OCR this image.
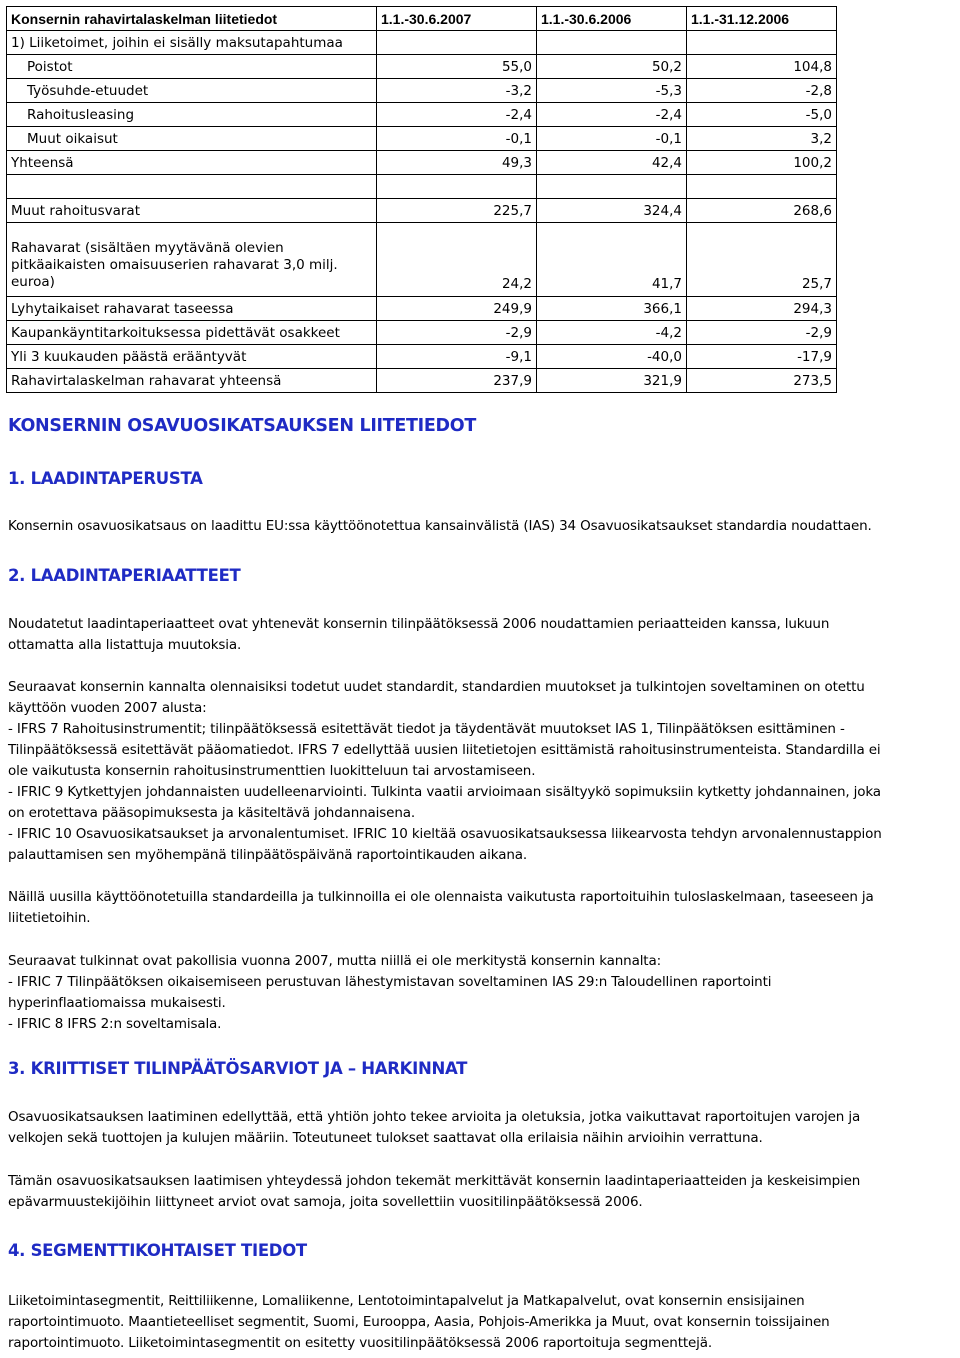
Konsernin rahavirtalaskelman liitetiedot	1.1.-30.6.2007	1.1.-30.6.2006	1.1.-31.12.2006
1) Liiketoimet, joihin ei sisälly maksutapahtumaa			
Poistot	55,0	50,2	104,8
Työsuhde-etuudet	-3,2	-5,3	-2,8
Rahoitusleasing	-2,4	-2,4	-5,0
Muut oikaisut	-0,1	-0,1	3,2
Yhteensä	49,3	42,4	100,2

Muut rahoitusvarat	225,7	324,4	268,6
Rahavarat (sisältäen myytävänä olevien pitkäaikaisten omaisuuserien rahavarat 3,0 milj. euroa)	24,2	41,7	25,7
Lyhytaikaiset rahavarat taseessa	249,9	366,1	294,3
Kaupankäyntitarkoituksessa pidettävät osakkeet	-2,9	-4,2	-2,9
Yli 3 kuukauden päästä erääntyvät	-9,1	-40,0	-17,9
Rahavirtalaskelman rahavarat yhteensä	237,9	321,9	273,5
KONSERNIN OSAVUOSIKATSAUKSEN LIITETIEDOT
1. LAADINTAPERUSTA

Konsernin osavuosikatsaus on laadittu EU:ssa käyttöönotettua kansainvälistä (IAS) 34 Osavuosikatsaukset standardia noudattaen.

2. LAADINTAPERIAATTEET

Noudatetut laadintaperiaatteet ovat yhtenevät konsernin tilinpäätöksessä 2006 noudattamien periaatteiden kanssa, lukuun
ottamatta alla listattuja muutoksia.

Seuraavat konsernin kannalta olennaisiksi todetut uudet standardit, standardien muutokset ja tulkintojen soveltaminen on otettu
käyttöön vuoden 2007 alusta:
- IFRS 7 Rahoitusinstrumentit; tilinpäätöksessä esitettävät tiedot ja täydentävät muutokset IAS 1, Tilinpäätöksen esittäminen -
Tilinpäätöksessä esitettävät pääomatiedot. IFRS 7 edellyttää uusien liitetietojen esittämistä rahoitusinstrumenteista. Standardilla ei
ole vaikutusta konsernin rahoitusinstrumenttien luokitteluun tai arvostamiseen.
- IFRIC 9 Kytkettyjen johdannaisten uudelleenarviointi. Tulkinta vaatii arvioimaan sisältyykö sopimuksiin kytketty johdannainen, joka
on erotettava pääsopimuksesta ja käsiteltävä johdannaisena.
- IFRIC 10 Osavuosikatsaukset ja arvonalentumiset. IFRIC 10 kieltää osavuosikatsauksessa liikearvosta tehdyn arvonalennustappion
palauttamisen sen myöhempänä tilinpäätöspäivänä raportointikauden aikana.

Näillä uusilla käyttöönotetuilla standardeilla ja tulkinnoilla ei ole olennaista vaikutusta raportoituihin tuloslaskelmaan, taseeseen ja
liitetietoihin.

Seuraavat tulkinnat ovat pakollisia vuonna 2007, mutta niillä ei ole merkitystä konsernin kannalta:
- IFRIC 7 Tilinpäätöksen oikaisemiseen perustuvan lähestymistavan soveltaminen IAS 29:n Taloudellinen raportointi
hyperinflaatiomaissa mukaisesti.
- IFRIC 8 IFRS 2:n soveltamisala.

3. KRIITTISET TILINPÄÄTÖSARVIOT JA – HARKINNAT

Osavuosikatsauksen laatiminen edellyttää, että yhtiön johto tekee arvioita ja oletuksia, jotka vaikuttavat raportoitujen varojen ja
velkojen sekä tuottojen ja kulujen määriin. Toteutuneet tulokset saattavat olla erilaisia näihin arvioihin verrattuna.

Tämän osavuosikatsauksen laatimisen yhteydessä johdon tekemät merkittävät konsernin laadintaperiaatteiden ja keskeisimpien
epävarmuustekijöihin liittyneet arviot ovat samoja, joita sovellettiin vuositilinpäätöksessä 2006.

4. SEGMENTTIKOHTAISET TIEDOT

Liiketoimintasegmentit, Reittiliikenne, Lomaliikenne, Lentotoimintapalvelut ja Matkapalvelut, ovat konsernin ensisijainen
raportointimuoto. Maantieteelliset segmentit, Suomi, Eurooppa, Aasia, Pohjois-Amerikka ja Muut, ovat konsernin toissijainen
raportointimuoto. Liiketoimintasegmentit on esitetty vuositilinpäätöksessä 2006 raportoituja segmenttejä.
